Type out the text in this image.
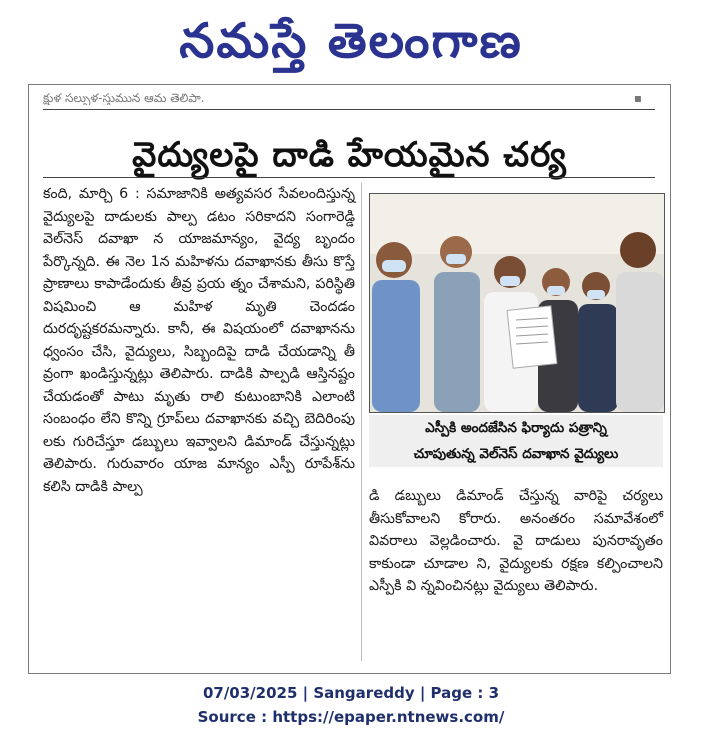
నమస్తే తెలంగాణ
క్షుళ సల్పుళ-స్తుమున ఆమ తెలిపా.	▪
వైద్యులపై దాడి హేయమైన చర్య

కంది, మార్చి 6 : సమాజానికి అత్యవసర సేవలందిస్తున్న వైద్యులపై దాడులకు పాల్ప డటం సరికాదని సంగారెడ్డి వెల్‌నెస్ దవాఖా న యాజమాన్యం, వైద్య బృందం పేర్కొన్నది. ఈ నెల 1న మహిళను దవాఖానకు తీసు కొస్తే ప్రాణాలు కాపాడేందుకు తీవ్ర ప్రయ త్నం చేశామని, పరిస్థితి విషమించి ఆ మహిళ మృతి చెందడం దురదృష్టకరమన్నారు. కానీ, ఈ విషయంలో దవాఖానను ధ్వంసం చేసి, వైద్యులు, సిబ్బందిపై దాడి చేయడాన్ని తీ వ్రంగా ఖండిస్తున్నట్లు తెలిపారు. దాడికి పాల్పడి ఆస్తినష్టం చేయడంతో పాటు మృతు రాలి కుటుంబానికి ఎలాంటి సంబంధం లేని కొన్ని గ్రూప్‌లు దవాఖానకు వచ్చి బెదిరింపు లకు గురిచేస్తూ డబ్బులు ఇవ్వాలని డిమాండ్ చేస్తున్నట్లు తెలిపారు. గురువారం యాజ మాన్యం ఎస్పీ రూపేశ్‌ను కలిసి దాడికి పాల్ప

ఎస్పీకి అందజేసిన ఫిర్యాదు పత్రాన్ని
చూపుతున్న వెల్‌నెస్ దవాఖాన వైద్యులు

డి డబ్బులు డిమాండ్ చేస్తున్న వారిపై చర్యలు తీసుకోవాలని కోరారు. అనంతరం సమావేశంలో వివరాలు వెల్లడించారు. వై దాడులు పునరావృతం కాకుండా చూడాల ని, వైద్యులకు రక్షణ కల్పించాలని ఎస్పీకి వి న్నవించినట్లు వైద్యులు తెలిపారు.

07/03/2025 | Sangareddy | Page : 3
Source : https://epaper.ntnews.com/
